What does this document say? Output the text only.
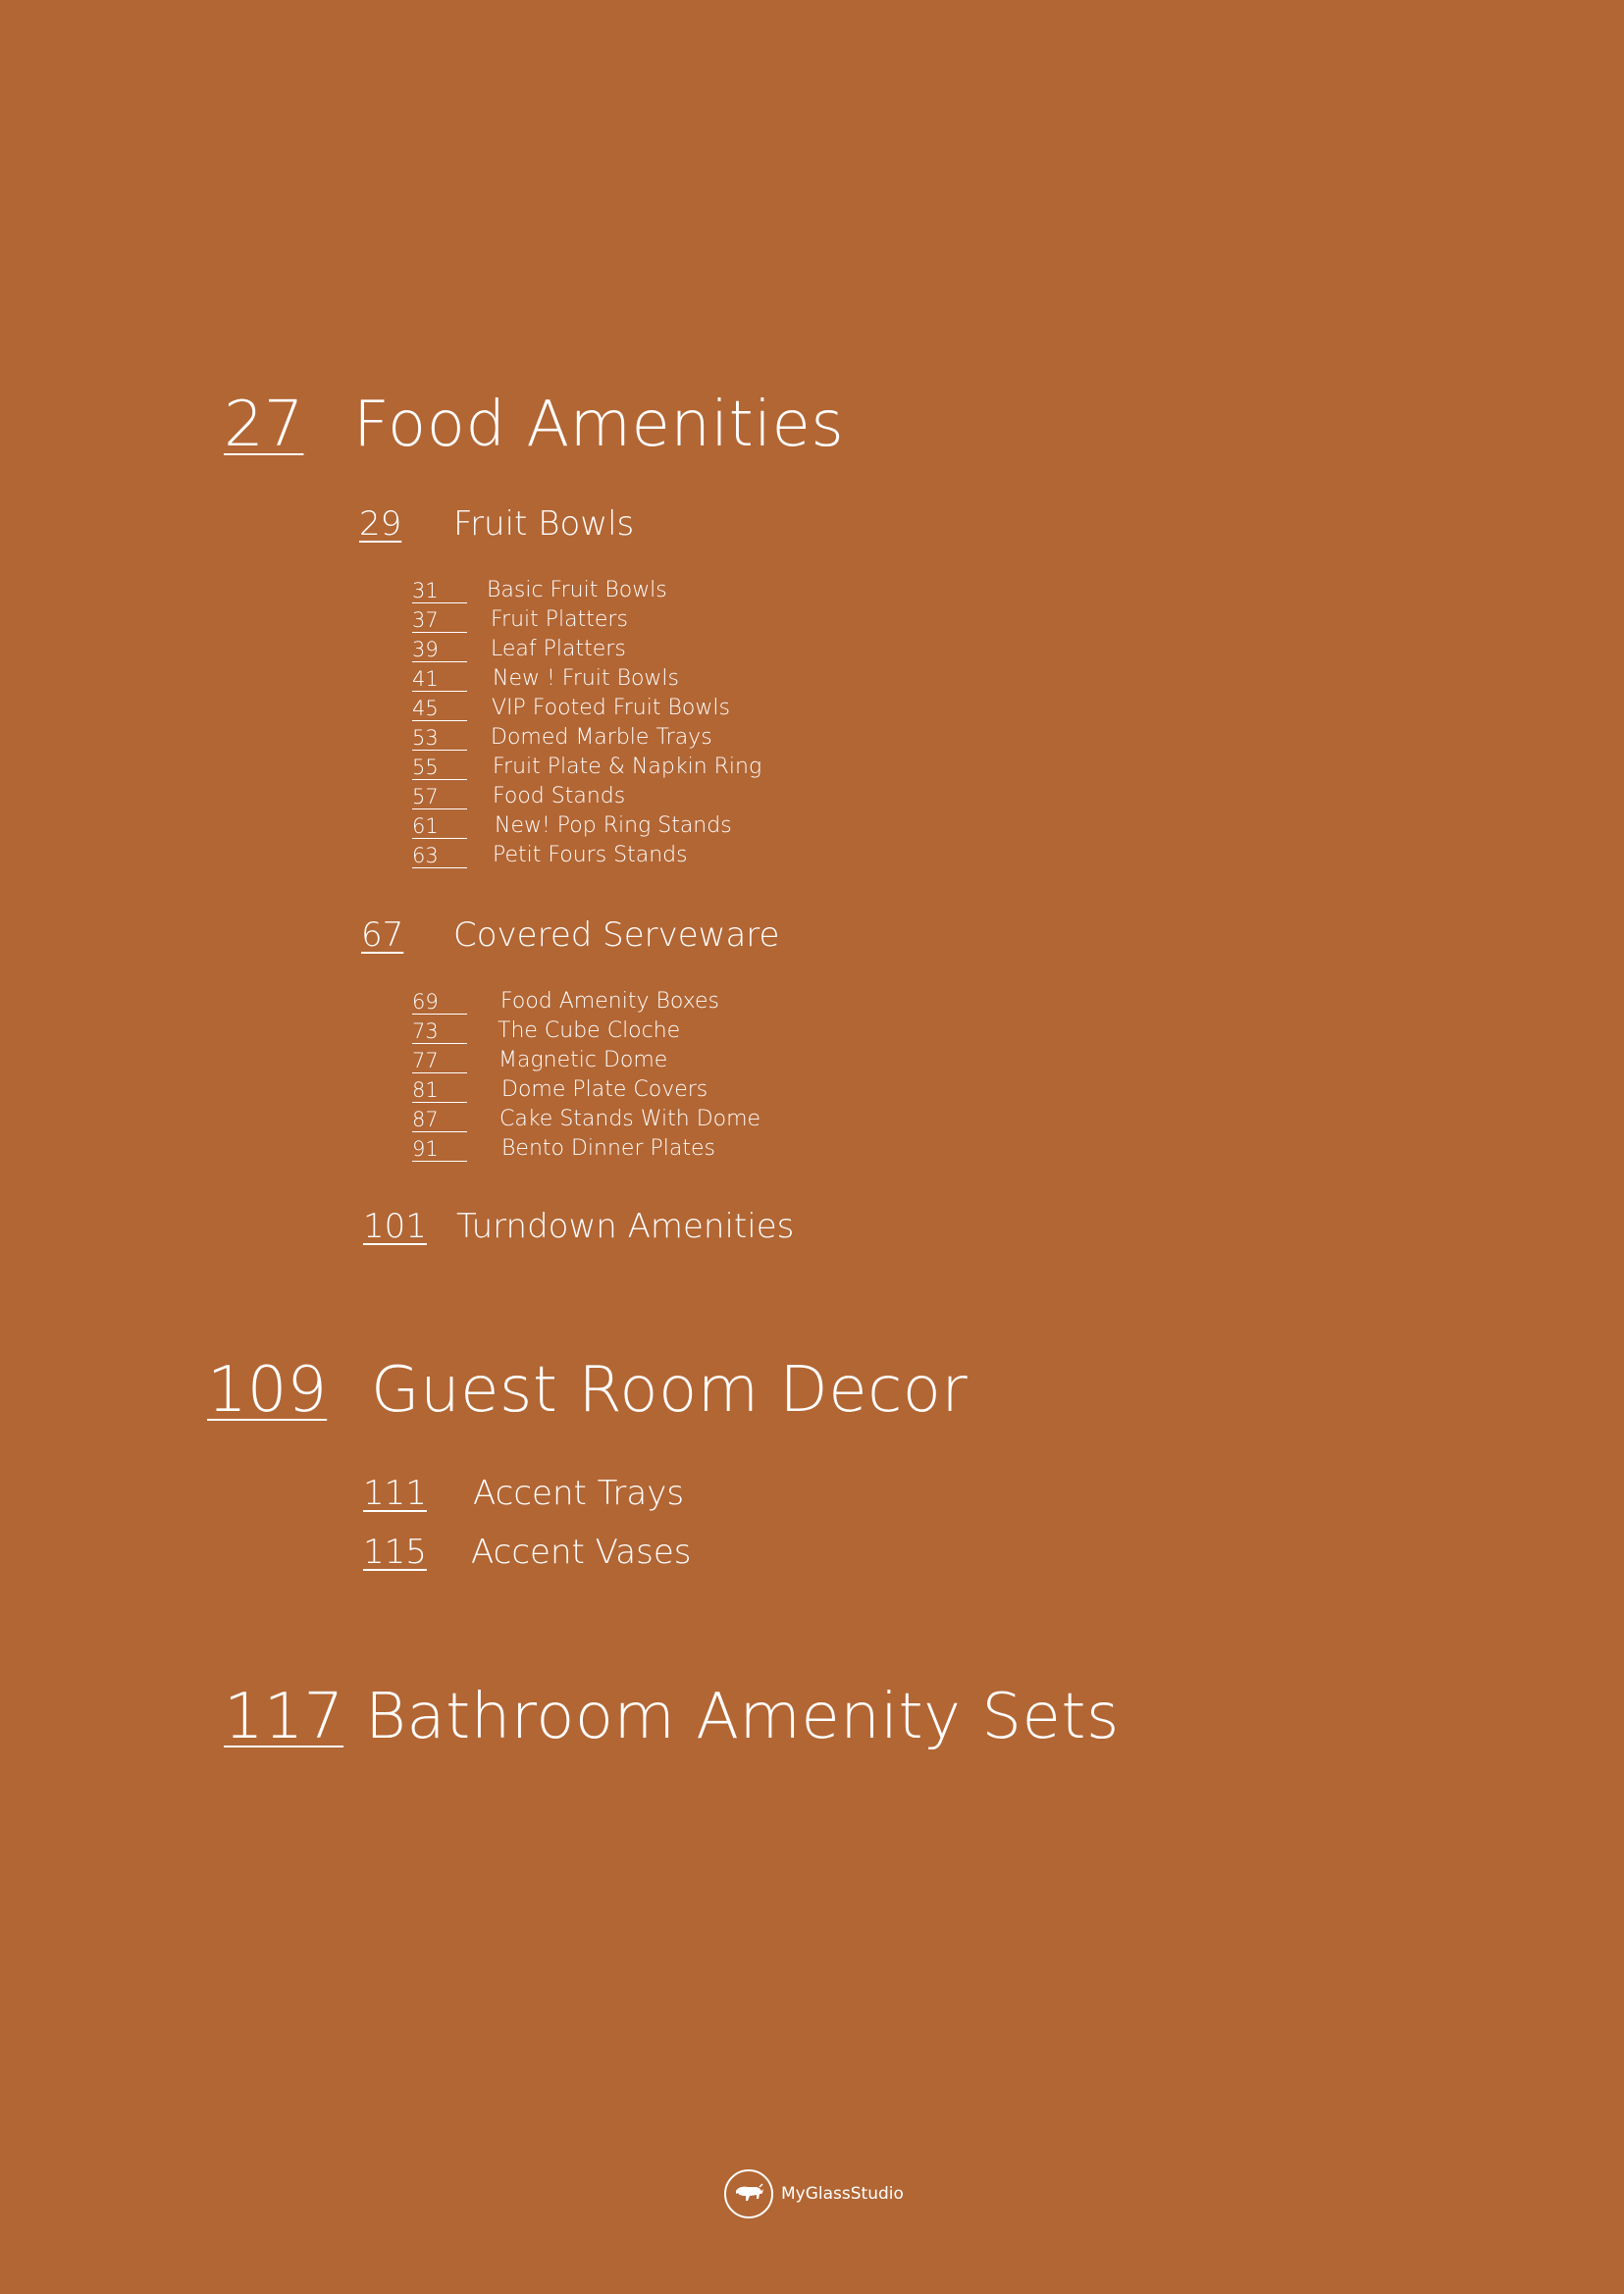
27 Food Amenities
29 Fruit Bowls
31	Basic Fruit Bowls
37	Fruit Platters
39	Leaf Platters
41	New ! Fruit Bowls
45	VIP Footed Fruit Bowls
53	Domed Marble Trays
55	Fruit Plate & Napkin Ring
57	Food Stands
61	New! Pop Ring Stands
63	Petit Fours Stands
67 Covered Serveware
69	Food Amenity Boxes
73	The Cube Cloche
77	Magnetic Dome
81	Dome Plate Covers
87	Cake Stands With Dome
91	Bento Dinner Plates
101 Turndown Amenities
109 Guest Room Decor
111 Accent Trays
115 Accent Vases
117 Bathroom Amenity Sets
MyGlassStudio
